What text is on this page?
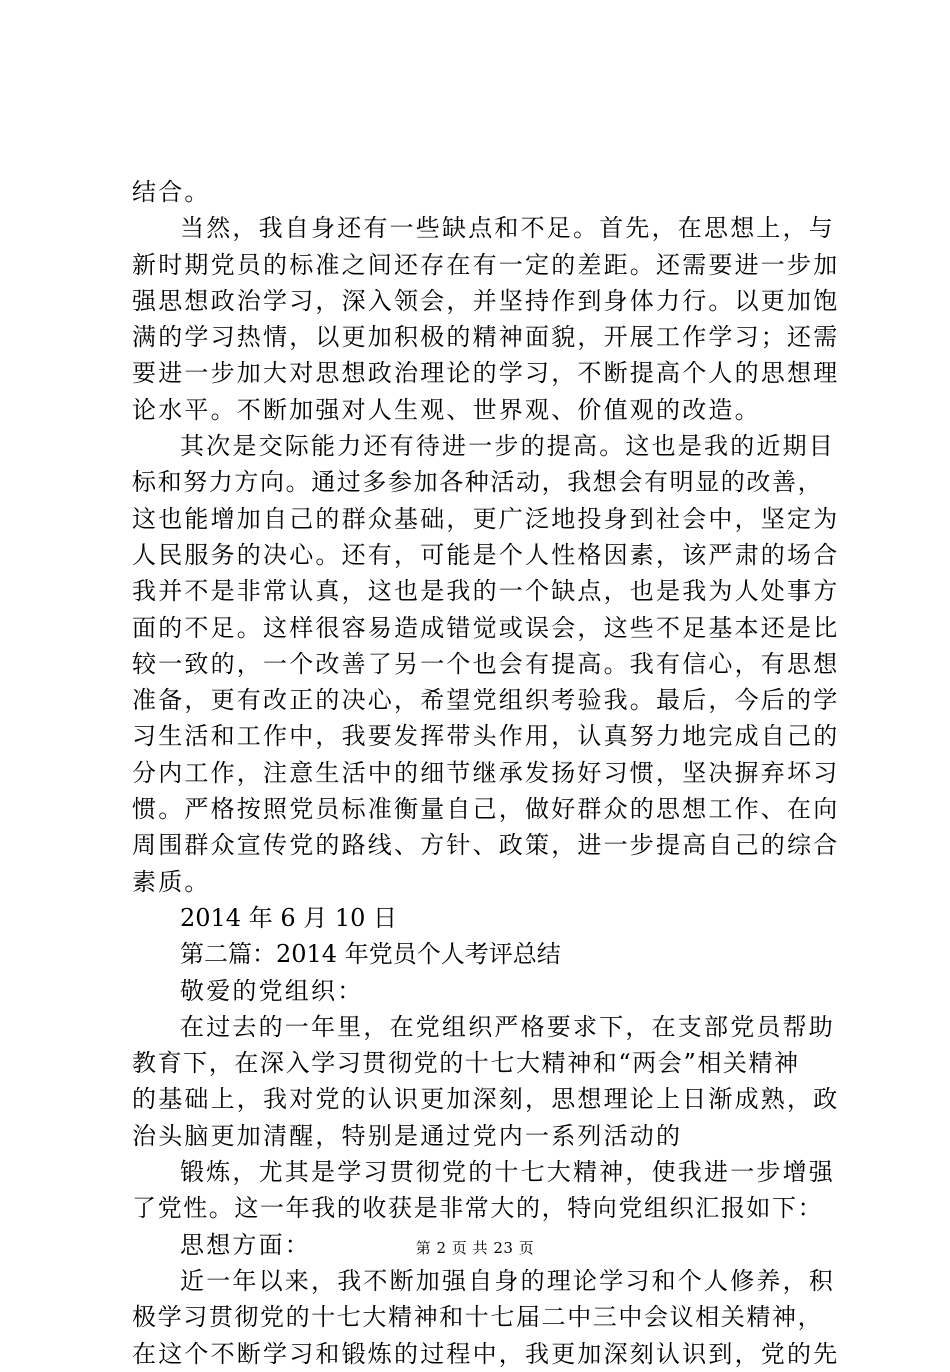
结合。
当然，我自身还有一些缺点和不足。首先，在思想上，与
新时期党员的标准之间还存在有一定的差距。还需要进一步加
强思想政治学习，深入领会，并坚持作到身体力行。以更加饱
满的学习热情，以更加积极的精神面貌，开展工作学习；还需
要进一步加大对思想政治理论的学习，不断提高个人的思想理
论水平。不断加强对人生观、世界观、价值观的改造。
其次是交际能力还有待进一步的提高。这也是我的近期目
标和努力方向。通过多参加各种活动，我想会有明显的改善，
这也能增加自己的群众基础，更广泛地投身到社会中，坚定为
人民服务的决心。还有，可能是个人性格因素，该严肃的场合
我并不是非常认真，这也是我的一个缺点，也是我为人处事方
面的不足。这样很容易造成错觉或误会，这些不足基本还是比
较一致的，一个改善了另一个也会有提高。我有信心，有思想
准备，更有改正的决心，希望党组织考验我。最后，今后的学
习生活和工作中，我要发挥带头作用，认真努力地完成自己的
分内工作，注意生活中的细节继承发扬好习惯，坚决摒弃坏习
惯。严格按照党员标准衡量自己，做好群众的思想工作、在向
周围群众宣传党的路线、方针、政策，进一步提高自己的综合
素质。
2014 年 6 月 10 日
第二篇：2014 年党员个人考评总结
敬爱的党组织：
在过去的一年里，在党组织严格要求下，在支部党员帮助
教育下，在深入学习贯彻党的十七大精神和“两会”相关精神
的基础上，我对党的认识更加深刻，思想理论上日渐成熟，政
治头脑更加清醒，特别是通过党内一系列活动的
锻炼，尤其是学习贯彻党的十七大精神，使我进一步增强
了党性。这一年我的收获是非常大的，特向党组织汇报如下：
思想方面：
近一年以来，我不断加强自身的理论学习和个人修养，积
极学习贯彻党的十七大精神和十七届二中三中会议相关精神，
在这个不断学习和锻炼的过程中，我更加深刻认识到，党的先
第 2 页 共 23 页
